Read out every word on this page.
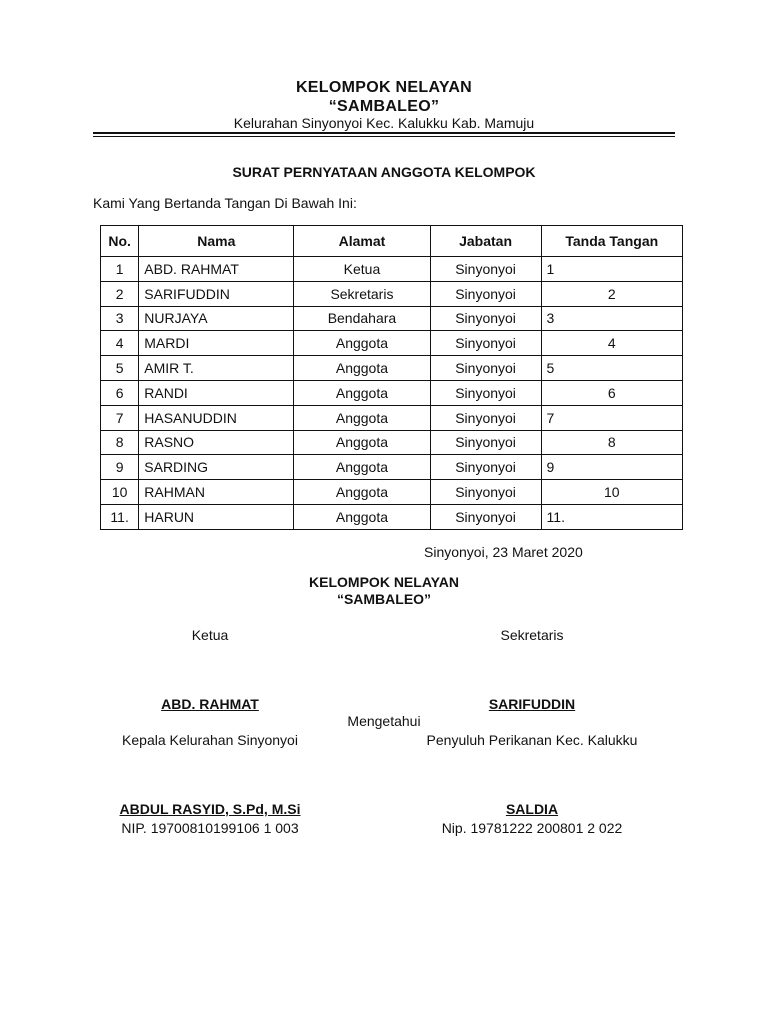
KELOMPOK NELAYAN
“SAMBALEO”
Kelurahan Sinyonyoi Kec. Kalukku Kab. Mamuju
SURAT PERNYATAAN ANGGOTA KELOMPOK
Kami Yang Bertanda Tangan Di Bawah Ini:
No.	Nama	Alamat	Jabatan	Tanda Tangan
1	ABD. RAHMAT	Ketua	Sinyonyoi	1
2	SARIFUDDIN	Sekretaris	Sinyonyoi	2
3	NURJAYA	Bendahara	Sinyonyoi	3
4	MARDI	Anggota	Sinyonyoi	4
5	AMIR T.	Anggota	Sinyonyoi	5
6	RANDI	Anggota	Sinyonyoi	6
7	HASANUDDIN	Anggota	Sinyonyoi	7
8	RASNO	Anggota	Sinyonyoi	8
9	SARDING	Anggota	Sinyonyoi	9
10	RAHMAN	Anggota	Sinyonyoi	10
11.	HARUN	Anggota	Sinyonyoi	11.
Sinyonyoi, 23 Maret 2020
KELOMPOK NELAYAN
“SAMBALEO”
Ketua	Sekretaris
ABD. RAHMAT	SARIFUDDIN
Mengetahui
Kepala Kelurahan Sinyonyoi	Penyuluh Perikanan Kec. Kalukku
ABDUL RASYID, S.Pd, M.Si	SALDIA
NIP. 19700810199106 1 003	Nip. 19781222 200801 2 022
